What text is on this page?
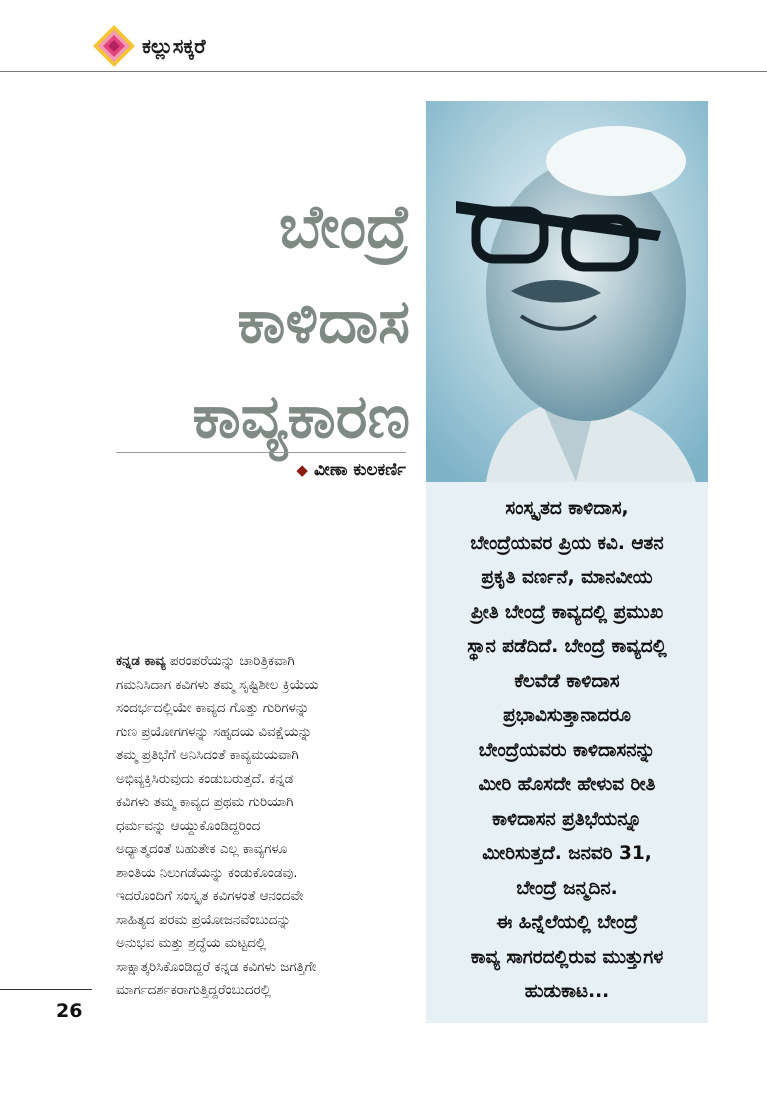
ಕಲ್ಲುಸಕ್ಕರೆ
ಬೇಂದ್ರೆ
ಕಾಳಿದಾಸ
ಕಾವ್ಯಕಾರಣ
◆ ವೀಣಾ ಕುಲಕರ್ಣಿ
ಸಂಸ್ಕೃತದ ಕಾಳಿದಾಸ,
ಬೇಂದ್ರೆಯವರ ಪ್ರಿಯ ಕವಿ. ಆತನ
ಪ್ರಕೃತಿ ವರ್ಣನೆ, ಮಾನವೀಯ
ಪ್ರೀತಿ ಬೇಂದ್ರೆ ಕಾವ್ಯದಲ್ಲಿ ಪ್ರಮುಖ
ಸ್ಥಾನ ಪಡೆದಿದೆ. ಬೇಂದ್ರೆ ಕಾವ್ಯದಲ್ಲಿ
ಕೆಲವೆಡೆ ಕಾಳಿದಾಸ
ಪ್ರಭಾವಿಸುತ್ತಾನಾದರೂ
ಬೇಂದ್ರೆಯವರು ಕಾಳಿದಾಸನನ್ನು
ಮೀರಿ ಹೊಸದೇ ಹೇಳುವ ರೀತಿ
ಕಾಳಿದಾಸನ ಪ್ರತಿಭೆಯನ್ನೂ
ಮೀರಿಸುತ್ತದೆ. ಜನವರಿ 31,
ಬೇಂದ್ರೆ ಜನ್ಮದಿನ.
ಈ ಹಿನ್ನೆಲೆಯಲ್ಲಿ ಬೇಂದ್ರೆ
ಕಾವ್ಯ ಸಾಗರದಲ್ಲಿರುವ ಮುತ್ತುಗಳ
ಹುಡುಕಾಟ...
ಕನ್ನಡ ಕಾವ್ಯ ಪರಂಪರೆಯನ್ನು ಚಾರಿತ್ರಿಕವಾಗಿ
ಗಮನಿಸಿದಾಗ ಕವಿಗಳು ತಮ್ಮ ಸೃಷ್ಟಿಶೀಲ ಕ್ರಿಯೆಯ
ಸಂದರ್ಭದಲ್ಲಿಯೇ ಕಾವ್ಯದ ಗೊತ್ತು ಗುರಿಗಳನ್ನು
ಗುಣ ಪ್ರಯೋಗಗಳನ್ನು ಸಹೃದಯ ವಿವಕ್ಷೆಯನ್ನು
ತಮ್ಮ ಪ್ರತಿಭೆಗೆ ಅನಿಸಿದಂತೆ ಕಾವ್ಯಮಯವಾಗಿ
ಅಭಿವ್ಯಕ್ತಿಸಿರುವುದು ಕಂಡುಬರುತ್ತದೆ. ಕನ್ನಡ
ಕವಿಗಳು ತಮ್ಮ ಕಾವ್ಯದ ಪ್ರಥಮ ಗುರಿಯಾಗಿ
ಧರ್ಮವನ್ನು ಆಯ್ದುಕೊಂಡಿದ್ದರಿಂದ
ಅಧ್ಯಾತ್ಮದಂತೆ ಬಹುತೇಕ ಎಲ್ಲ ಕಾವ್ಯಗಳೂ
ಶಾಂತಿಯ ನಿಲುಗಡೆಯನ್ನು ಕಂಡುಕೊಂಡವು.
ಇದರೊಂದಿಗೆ ಸಂಸ್ಕೃತ ಕವಿಗಳಂತೆ ಆನಂದವೇ
ಸಾಹಿತ್ಯದ ಪರಮ ಪ್ರಯೋಜನವೆಂಬುದನ್ನು
ಅನುಭವ ಮತ್ತು ಶ್ರದ್ಧೆಯ ಮಟ್ಟದಲ್ಲಿ
ಸಾಕ್ಷಾತ್ಕರಿಸಿಕೊಂಡಿದ್ದರೆ ಕನ್ನಡ ಕವಿಗಳು ಜಗತ್ತಿಗೇ
ಮಾರ್ಗದರ್ಶಕರಾಗುತ್ತಿದ್ದರೆಂಬುದರಲ್ಲಿ
26
